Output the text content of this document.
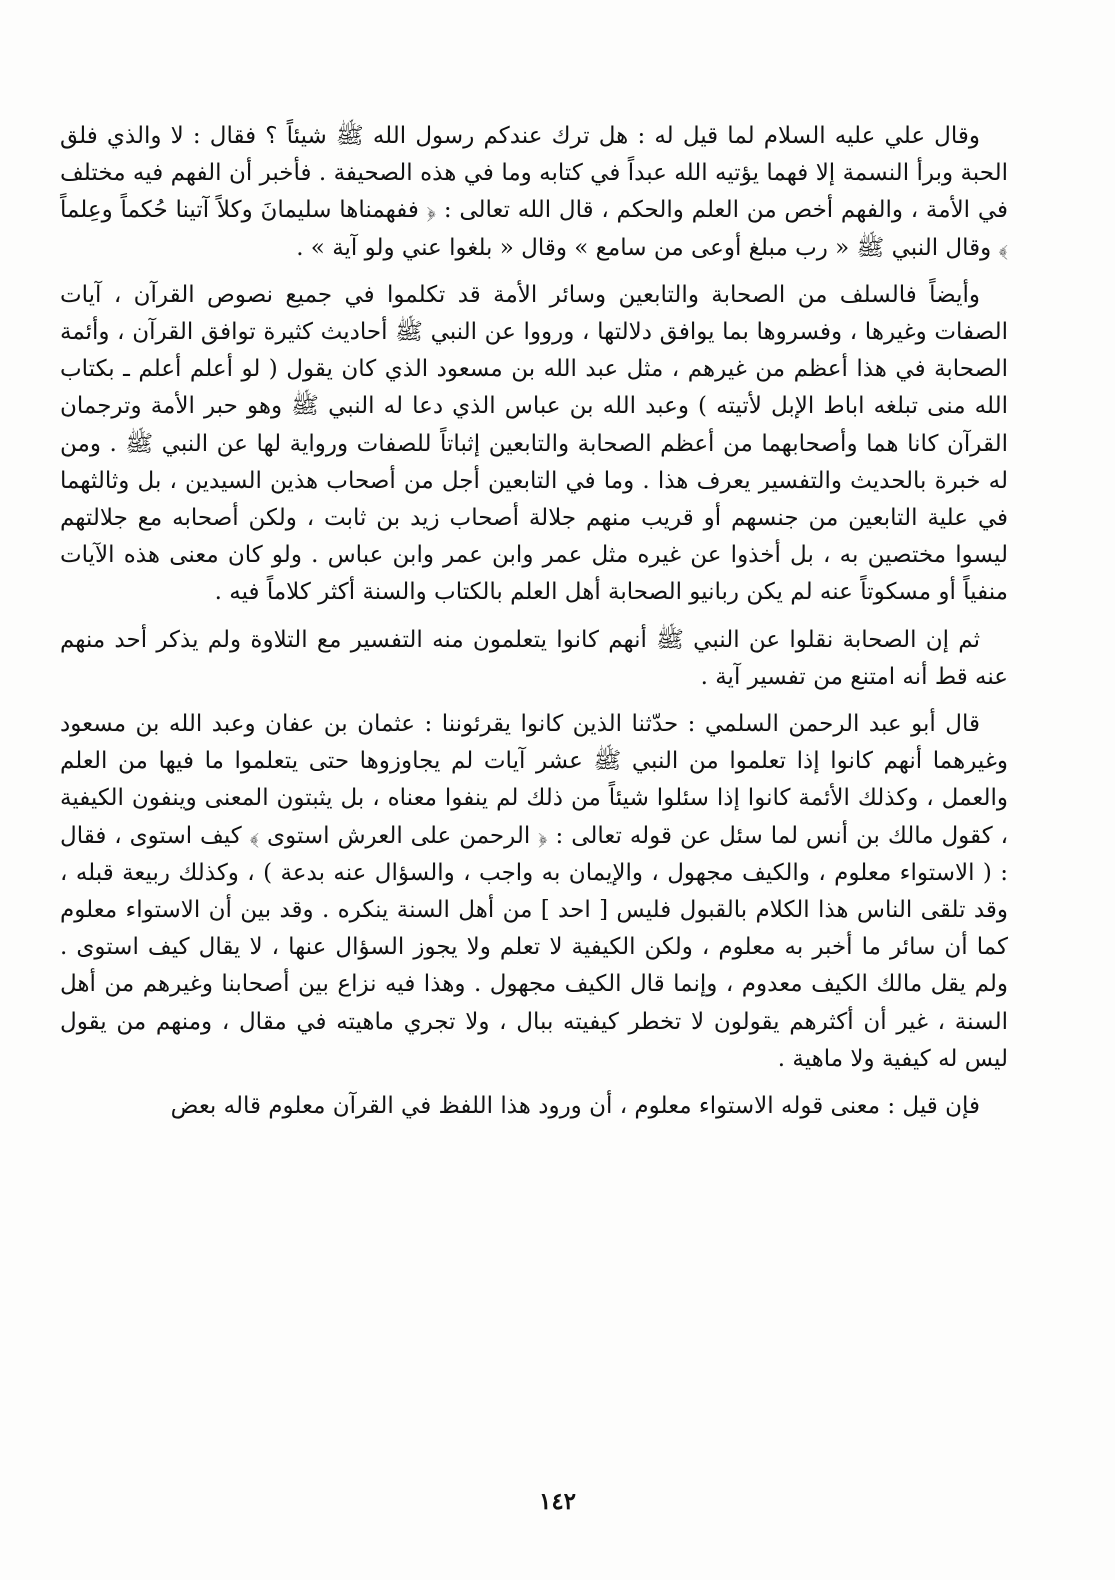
وقال علي عليه السلام لما قيل له : هل ترك عندكم رسول الله ﷺ شيئاً ؟ فقال : لا والذي فلق الحبة وبرأ النسمة إلا فهما يؤتيه الله عبداً في كتابه وما في هذه الصحيفة . فأخبر أن الفهم فيه مختلف في الأمة ، والفهم أخص من العلم والحكم ، قال الله تعالى : ﴿ ففهمناها سليمانَ وكلاً آتينا حُكماً وعِلماً ﴾ وقال النبي ﷺ « رب مبلغ أوعى من سامع » وقال « بلغوا عني ولو آية » .

وأيضاً فالسلف من الصحابة والتابعين وسائر الأمة قد تكلموا في جميع نصوص القرآن ، آيات الصفات وغيرها ، وفسروها بما يوافق دلالتها ، ورووا عن النبي ﷺ أحاديث كثيرة توافق القرآن ، وأئمة الصحابة في هذا أعظم من غيرهم ، مثل عبد الله بن مسعود الذي كان يقول ( لو أعلم أعلم ـ بكتاب الله منى تبلغه اباط الإبل لأتيته ) وعبد الله بن عباس الذي دعا له النبي ﷺ وهو حبر الأمة وترجمان القرآن كانا هما وأصحابهما من أعظم الصحابة والتابعين إثباتاً للصفات ورواية لها عن النبي ﷺ . ومن له خبرة بالحديث والتفسير يعرف هذا . وما في التابعين أجل من أصحاب هذين السيدين ، بل وثالثهما في علية التابعين من جنسهم أو قريب منهم جلالة أصحاب زيد بن ثابت ، ولكن أصحابه مع جلالتهم ليسوا مختصين به ، بل أخذوا عن غيره مثل عمر وابن عمر وابن عباس . ولو كان معنى هذه الآيات منفياً أو مسكوتاً عنه لم يكن ربانيو الصحابة أهل العلم بالكتاب والسنة أكثر كلاماً فيه .

ثم إن الصحابة نقلوا عن النبي ﷺ أنهم كانوا يتعلمون منه التفسير مع التلاوة ولم يذكر أحد منهم عنه قط أنه امتنع من تفسير آية .

قال أبو عبد الرحمن السلمي : حدّثنا الذين كانوا يقرئوننا : عثمان بن عفان وعبد الله بن مسعود وغيرهما أنهم كانوا إذا تعلموا من النبي ﷺ عشر آيات لم يجاوزوها حتى يتعلموا ما فيها من العلم والعمل ، وكذلك الأئمة كانوا إذا سئلوا شيئاً من ذلك لم ينفوا معناه ، بل يثبتون المعنى وينفون الكيفية ، كقول مالك بن أنس لما سئل عن قوله تعالى : ﴿ الرحمن على العرش استوى ﴾ كيف استوى ، فقال : ( الاستواء معلوم ، والكيف مجهول ، والإيمان به واجب ، والسؤال عنه بدعة ) ، وكذلك ربيعة قبله ، وقد تلقى الناس هذا الكلام بالقبول فليس [ احد ] من أهل السنة ينكره . وقد بين أن الاستواء معلوم كما أن سائر ما أخبر به معلوم ، ولكن الكيفية لا تعلم ولا يجوز السؤال عنها ، لا يقال كيف استوى . ولم يقل مالك الكيف معدوم ، وإنما قال الكيف مجهول . وهذا فيه نزاع بين أصحابنا وغيرهم من أهل السنة ، غير أن أكثرهم يقولون لا تخطر كيفيته ببال ، ولا تجري ماهيته في مقال ، ومنهم من يقول ليس له كيفية ولا ماهية .

فإن قيل : معنى قوله الاستواء معلوم ، أن ورود هذا اللفظ في القرآن معلوم قاله بعض

١٤٢
